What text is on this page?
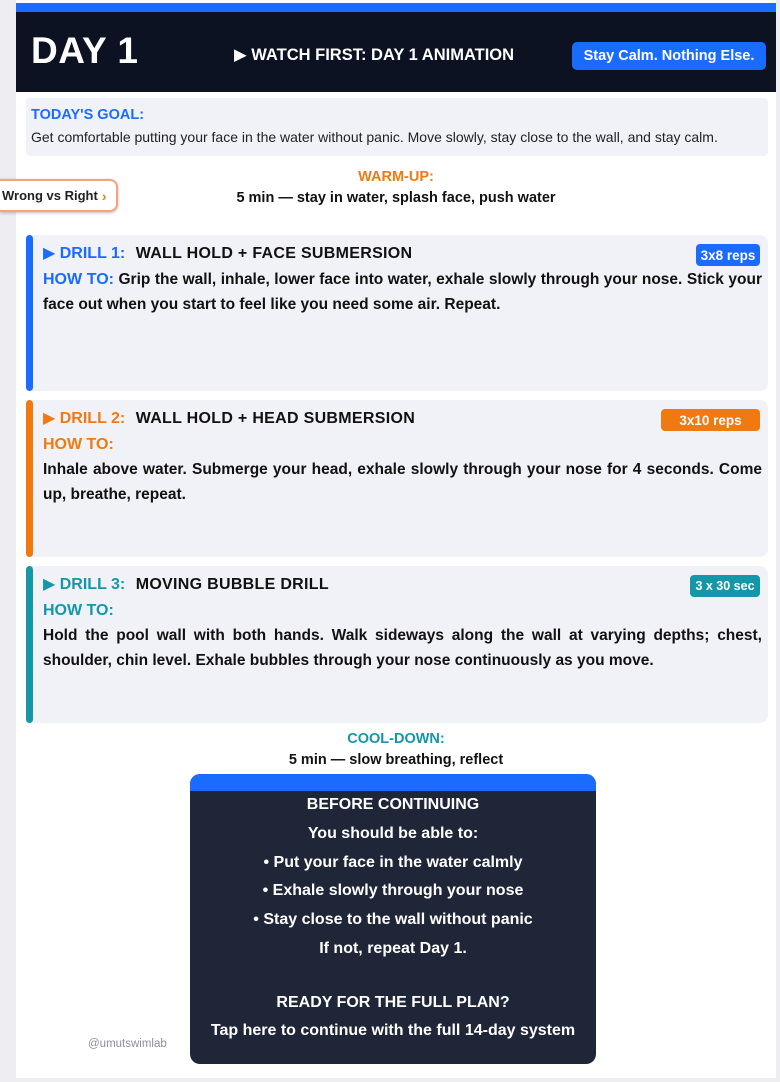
DAY 1	▶ WATCH FIRST: DAY 1 ANIMATION	Stay Calm. Nothing Else.
TODAY'S GOAL:
Get comfortable putting your face in the water without panic. Move slowly, stay close to the wall, and stay calm.
WARM-UP:
5 min — stay in water, splash face, push water
▶ DRILL 1: WALL HOLD + FACE SUBMERSION	3x8 reps
HOW TO: Grip the wall, inhale, lower face into water, exhale slowly through your nose. Stick your face out when you start to feel like you need some air. Repeat.
▶ DRILL 2: WALL HOLD + HEAD SUBMERSION	3x10 reps
HOW TO:
Inhale above water. Submerge your head, exhale slowly through your nose for 4 seconds. Come up, breathe, repeat.
▶ DRILL 3: MOVING BUBBLE DRILL	3 x 30 sec
HOW TO:
Hold the pool wall with both hands. Walk sideways along the wall at varying depths; chest, shoulder, chin level. Exhale bubbles through your nose continuously as you move.
COOL-DOWN:
5 min — slow breathing, reflect
BEFORE CONTINUING
You should be able to:
• Put your face in the water calmly
• Exhale slowly through your nose
• Stay close to the wall without panic
If not, repeat Day 1.
READY FOR THE FULL PLAN?
Tap here to continue with the full 14-day system
@umutswimlab
Wrong vs Right ›
